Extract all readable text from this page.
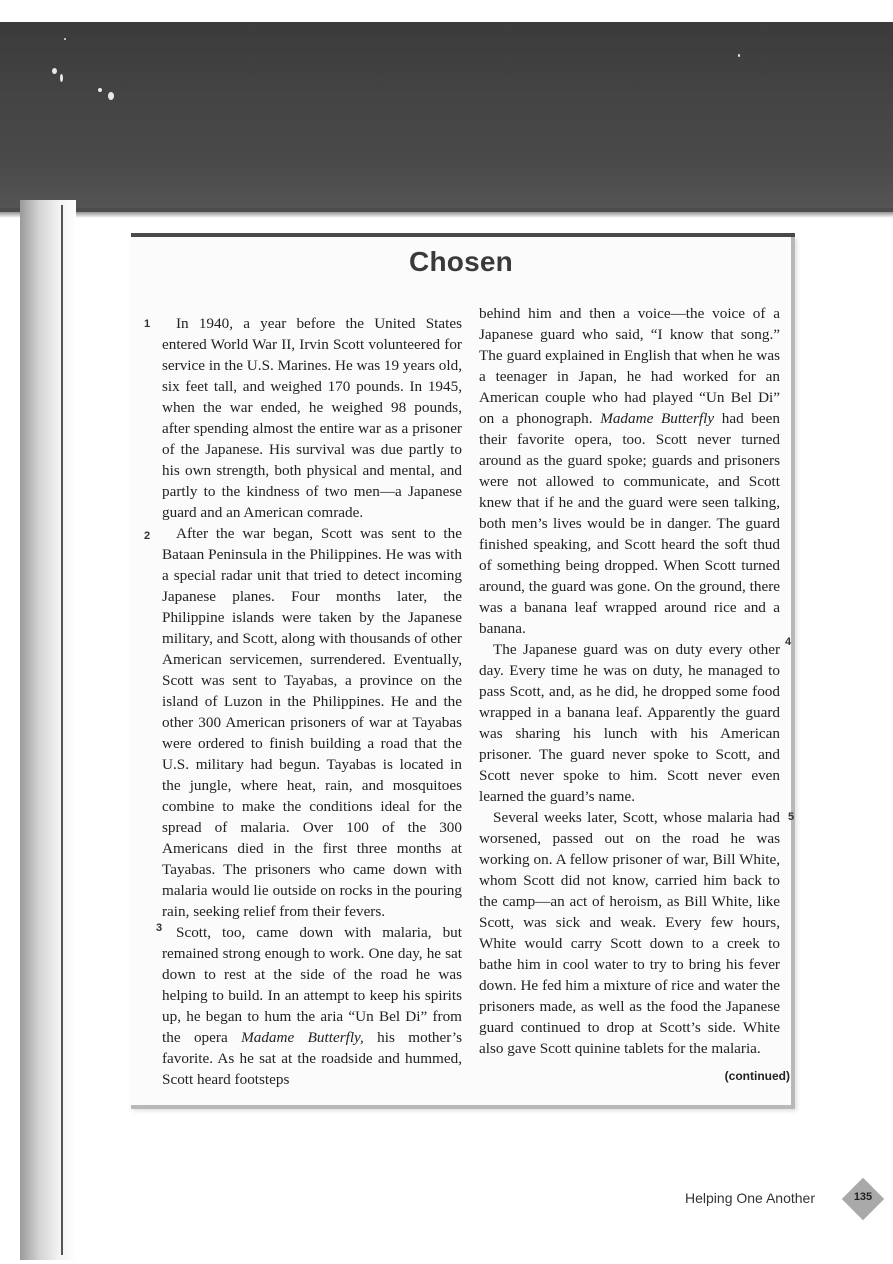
Chosen
1
2
3
4
5

In 1940, a year before the United States entered World War II, Irvin Scott volunteered for service in the U.S. Marines. He was 19 years old, six feet tall, and weighed 170 pounds. In 1945, when the war ended, he weighed 98 pounds, after spending almost the entire war as a prisoner of the Japanese. His survival was due partly to his own strength, both physical and mental, and partly to the kindness of two men—a Japanese guard and an American comrade.

After the war began, Scott was sent to the Bataan Peninsula in the Philippines. He was with a special radar unit that tried to detect incoming Japanese planes. Four months later, the Philippine islands were taken by the Japanese military, and Scott, along with thousands of other American servicemen, surrendered. Eventually, Scott was sent to Tayabas, a province on the island of Luzon in the Philippines. He and the other 300 American prisoners of war at Tayabas were ordered to finish building a road that the U.S. military had begun. Tayabas is located in the jungle, where heat, rain, and mosquitoes combine to make the conditions ideal for the spread of malaria. Over 100 of the 300 Americans died in the first three months at Tayabas. The prisoners who came down with malaria would lie outside on rocks in the pouring rain, seeking relief from their fevers.

Scott, too, came down with malaria, but remained strong enough to work. One day, he sat down to rest at the side of the road he was helping to build. In an attempt to keep his spirits up, he began to hum the aria “Un Bel Di” from the opera Madame Butterfly, his mother’s favorite. As he sat at the roadside and hummed, Scott heard footsteps

behind him and then a voice—the voice of a Japanese guard who said, “I know that song.” The guard explained in English that when he was a teenager in Japan, he had worked for an American couple who had played “Un Bel Di” on a phonograph. Madame Butterfly had been their favorite opera, too. Scott never turned around as the guard spoke; guards and prisoners were not allowed to communicate, and Scott knew that if he and the guard were seen talking, both men’s lives would be in danger. The guard finished speaking, and Scott heard the soft thud of something being dropped. When Scott turned around, the guard was gone. On the ground, there was a banana leaf wrapped around rice and a banana.

The Japanese guard was on duty every other day. Every time he was on duty, he managed to pass Scott, and, as he did, he dropped some food wrapped in a banana leaf. Apparently the guard was sharing his lunch with his American prisoner. The guard never spoke to Scott, and Scott never spoke to him. Scott never even learned the guard’s name.

Several weeks later, Scott, whose malaria had worsened, passed out on the road he was working on. A fellow prisoner of war, Bill White, whom Scott did not know, carried him back to the camp—an act of heroism, as Bill White, like Scott, was sick and weak. Every few hours, White would carry Scott down to a creek to bathe him in cool water to try to bring his fever down. He fed him a mixture of rice and water the prisoners made, as well as the food the Japanese guard continued to drop at Scott’s side. White also gave Scott quinine tablets for the malaria.

(continued)
Helping One Another	135
